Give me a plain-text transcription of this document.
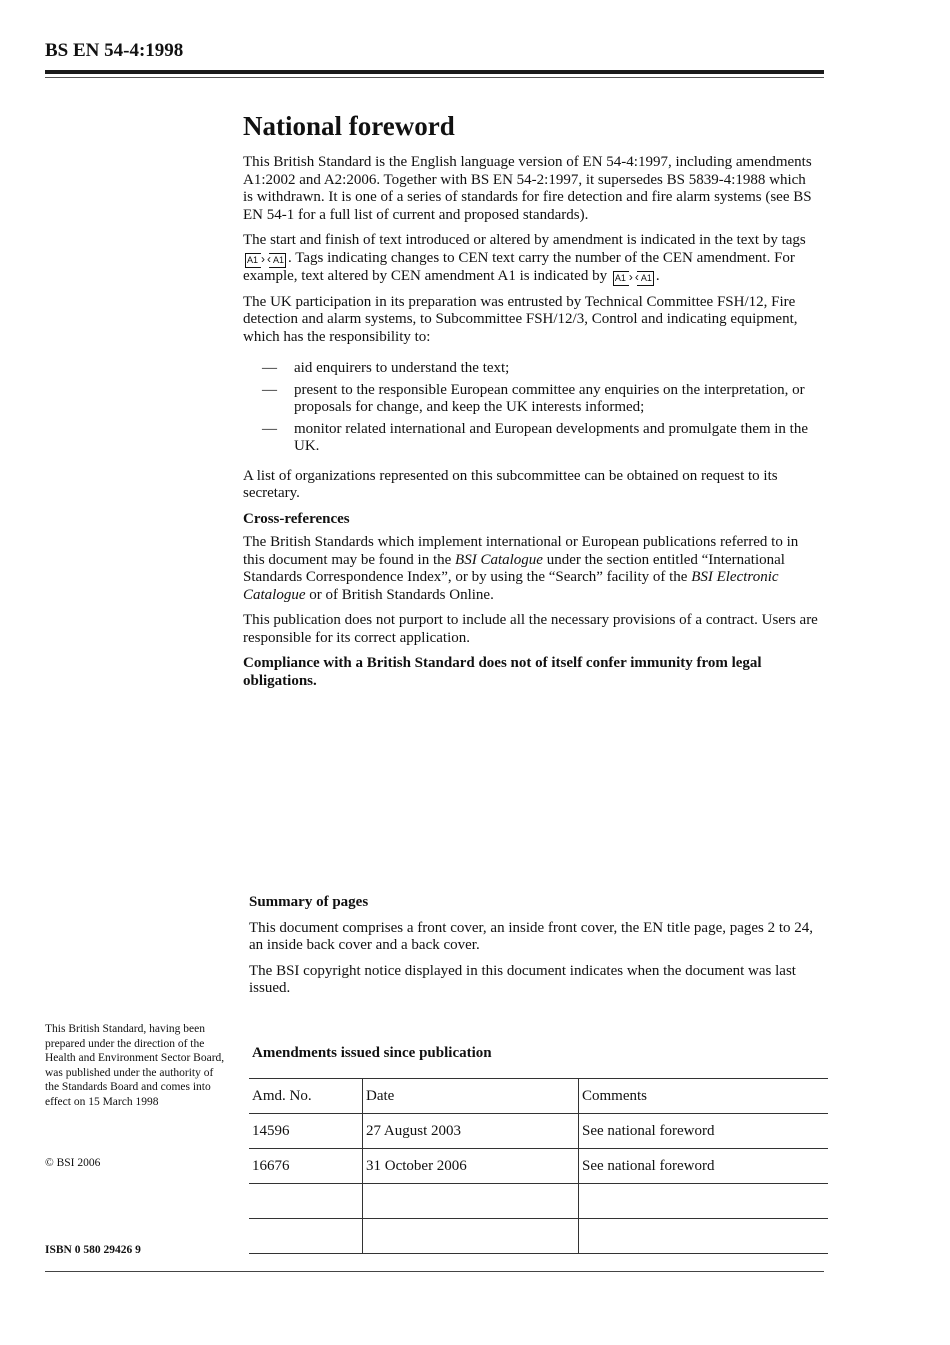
BS EN 54-4:1998
National foreword

This British Standard is the English language version of EN 54-4:1997, including amendments A1:2002 and A2:2006. Together with BS EN 54-2:1997, it supersedes BS 5839-4:1988 which is withdrawn. It is one of a series of standards for fire detection and fire alarm systems (see BS EN 54-1 for a full list of current and proposed standards).

The start and finish of text introduced or altered by amendment is indicated in the text by tags A1 › ‹ A1 . Tags indicating changes to CEN text carry the number of the CEN amendment. For example, text altered by CEN amendment A1 is indicated by A1 › ‹ A1 .

The UK participation in its preparation was entrusted by Technical Committee FSH/12, Fire detection and alarm systems, to Subcommittee FSH/12/3, Control and indicating equipment, which has the responsibility to:

— aid enquirers to understand the text;
— present to the responsible European committee any enquiries on the interpretation, or proposals for change, and keep the UK interests informed;
— monitor related international and European developments and promulgate them in the UK.

A list of organizations represented on this subcommittee can be obtained on request to its secretary.

Cross-references

The British Standards which implement international or European publications referred to in this document may be found in the BSI Catalogue under the section entitled “International Standards Correspondence Index”, or by using the “Search” facility of the BSI Electronic Catalogue or of British Standards Online.

This publication does not purport to include all the necessary provisions of a contract. Users are responsible for its correct application.

Compliance with a British Standard does not of itself confer immunity from legal obligations.

Summary of pages

This document comprises a front cover, an inside front cover, the EN title page, pages 2 to 24, an inside back cover and a back cover.

The BSI copyright notice displayed in this document indicates when the document was last issued.

This British Standard, having been prepared under the direction of the Health and Environment Sector Board, was published under the authority of the Standards Board and comes into effect on 15 March 1998
© BSI 2006
ISBN 0 580 29426 9
Amendments issued since publication
Amd. No.	Date	Comments
14596	27 August 2003	See national foreword
16676	31 October 2006	See national foreword
